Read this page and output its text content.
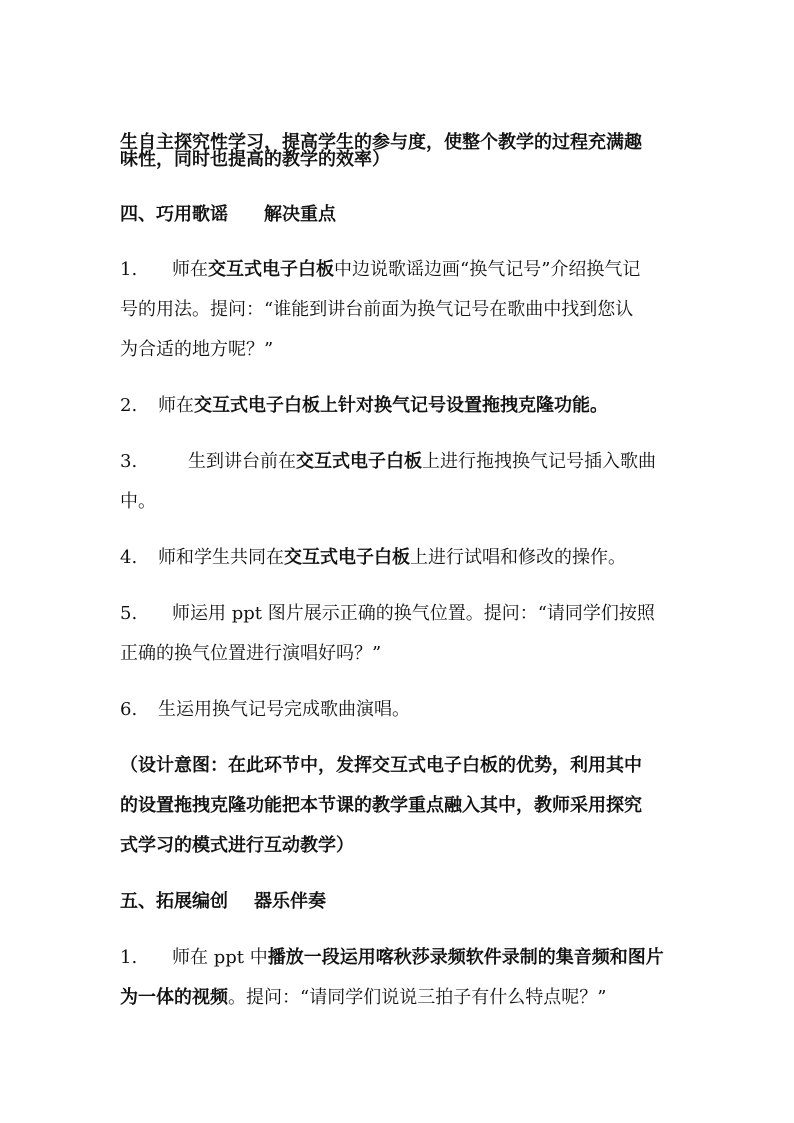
生自主探究性学习，提高学生的参与度，使整个教学的过程充满趣
味性，同时也提高的教学的效率）
四、巧用歌谣 解决重点
1. 师在交互式电子白板中边说歌谣边画“换气记号”介绍换气记
号的用法。提问：“谁能到讲台前面为换气记号在歌曲中找到您认
为合适的地方呢？”
2. 师在交互式电子白板上针对换气记号设置拖拽克隆功能。
3.	生到讲台前在交互式电子白板上进行拖拽换气记号插入歌曲
中。
4. 师和学生共同在交互式电子白板上进行试唱和修改的操作。
5. 师运用 ppt 图片展示正确的换气位置。提问：“请同学们按照
正确的换气位置进行演唱好吗？”
6. 生运用换气记号完成歌曲演唱。
（设计意图：在此环节中，发挥交互式电子白板的优势，利用其中
的设置拖拽克隆功能把本节课的教学重点融入其中，教师采用探究
式学习的模式进行互动教学）
五、拓展编创 器乐伴奏
1. 师在 ppt 中播放一段运用喀秋莎录频软件录制的集音频和图片
为一体的视频。提问：“请同学们说说三拍子有什么特点呢？”
